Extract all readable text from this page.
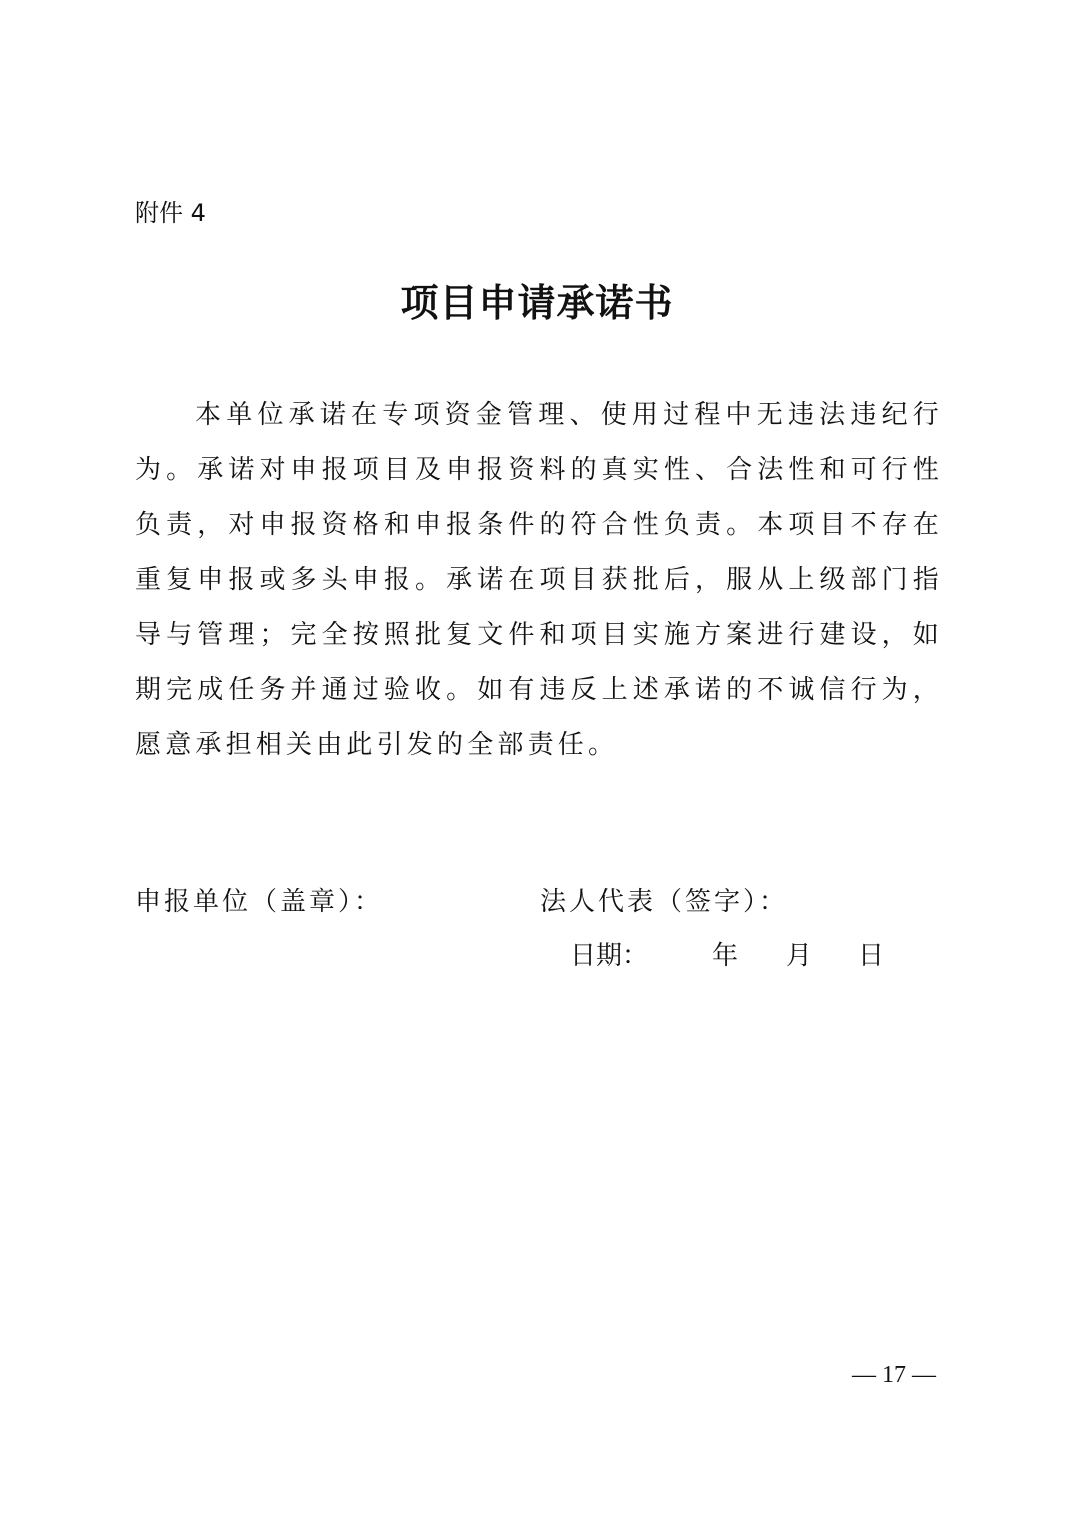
附件 4
项目申请承诺书

本单位承诺在专项资金管理、使用过程中无违法违纪行为。承诺对申报项目及申报资料的真实性、合法性和可行性负责，对申报资格和申报条件的符合性负责。本项目不存在重复申报或多头申报。承诺在项目获批后，服从上级部门指导与管理；完全按照批复文件和项目实施方案进行建设，如期完成任务并通过验收。如有违反上述承诺的不诚信行为，愿意承担相关由此引发的全部责任。

申报单位（盖章）：	法人代表（签字）：
日期： 年 月 日
— 17 —
